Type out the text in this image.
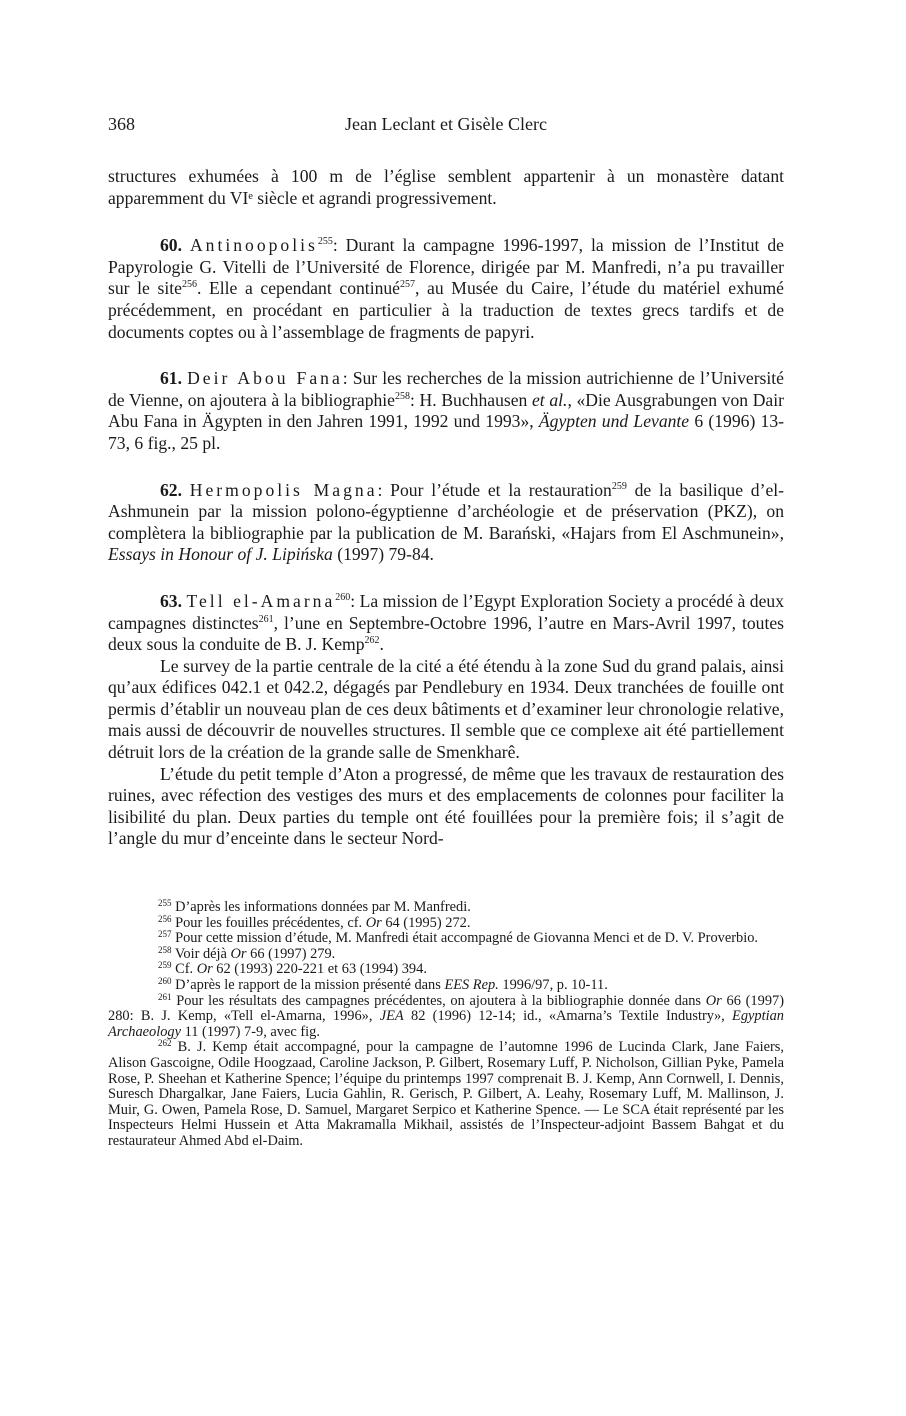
368	Jean Leclant et Gisèle Clerc

structures exhumées à 100 m de l’église semblent appartenir à un monastère datant apparemment du VIᵉ siècle et agrandi progressivement.

60. Antinoopolis$^{255}$: Durant la campagne 1996-1997, la mission de l’Institut de Papyrologie G. Vitelli de l’Université de Florence, dirigée par M. Manfredi, n’a pu travailler sur le site$^{256}$. Elle a cependant continué$^{257}$, au Musée du Caire, l’étude du matériel exhumé précédemment, en procédant en particulier à la traduction de textes grecs tardifs et de documents coptes ou à l’assemblage de fragments de papyri.

61. Deir Abou Fana: Sur les recherches de la mission autrichienne de l’Université de Vienne, on ajoutera à la bibliographie$^{258}$: H. Buchhausen et al., «Die Ausgrabungen von Dair Abu Fana in Ägypten in den Jahren 1991, 1992 und 1993», Ägypten und Levante 6 (1996) 13-73, 6 fig., 25 pl.

62. Hermopolis Magna: Pour l’étude et la restauration$^{259}$ de la basilique d’el-Ashmunein par la mission polono-égyptienne d’archéologie et de préservation (PKZ), on complètera la bibliographie par la publication de M. Barański, «Hajars from El Aschmunein», Essays in Honour of J. Lipińska (1997) 79-84.

63. Tell el-Amarna$^{260}$: La mission de l’Egypt Exploration Society a procédé à deux campagnes distinctes$^{261}$, l’une en Septembre-Octobre 1996, l’autre en Mars-Avril 1997, toutes deux sous la conduite de B. J. Kemp$^{262}$.

Le survey de la partie centrale de la cité a été étendu à la zone Sud du grand palais, ainsi qu’aux édifices 042.1 et 042.2, dégagés par Pendlebury en 1934. Deux tranchées de fouille ont permis d’établir un nouveau plan de ces deux bâtiments et d’examiner leur chronologie relative, mais aussi de découvrir de nouvelles structures. Il semble que ce complexe ait été partiellement détruit lors de la création de la grande salle de Smenkharê.

L’étude du petit temple d’Aton a progressé, de même que les travaux de restauration des ruines, avec réfection des vestiges des murs et des emplacements de colonnes pour faciliter la lisibilité du plan. Deux parties du temple ont été fouillées pour la première fois; il s’agit de l’angle du mur d’enceinte dans le secteur Nord-

$^{255}$ D’après les informations données par M. Manfredi.

$^{256}$ Pour les fouilles précédentes, cf. Or 64 (1995) 272.

$^{257}$ Pour cette mission d’étude, M. Manfredi était accompagné de Giovanna Menci et de D. V. Proverbio.

$^{258}$ Voir déjà Or 66 (1997) 279.

$^{259}$ Cf. Or 62 (1993) 220-221 et 63 (1994) 394.

$^{260}$ D’après le rapport de la mission présenté dans EES Rep. 1996/97, p. 10-11.

$^{261}$ Pour les résultats des campagnes précédentes, on ajoutera à la bibliographie donnée dans Or 66 (1997) 280: B. J. Kemp, «Tell el-Amarna, 1996», JEA 82 (1996) 12-14; id., «Amarna’s Textile Industry», Egyptian Archaeology 11 (1997) 7-9, avec fig.

$^{262}$ B. J. Kemp était accompagné, pour la campagne de l’automne 1996 de Lucinda Clark, Jane Faiers, Alison Gascoigne, Odile Hoogzaad, Caroline Jackson, P. Gilbert, Rosemary Luff, P. Nicholson, Gillian Pyke, Pamela Rose, P. Sheehan et Katherine Spence; l’équipe du printemps 1997 comprenait B. J. Kemp, Ann Cornwell, I. Dennis, Suresch Dhargalkar, Jane Faiers, Lucia Gahlin, R. Gerisch, P. Gilbert, A. Leahy, Rosemary Luff, M. Mallinson, J. Muir, G. Owen, Pamela Rose, D. Samuel, Margaret Serpico et Katherine Spence. — Le SCA était représenté par les Inspecteurs Helmi Hussein et Atta Makramalla Mikhail, assistés de l’Inspecteur-adjoint Bassem Bahgat et du restaurateur Ahmed Abd el-Daim.
